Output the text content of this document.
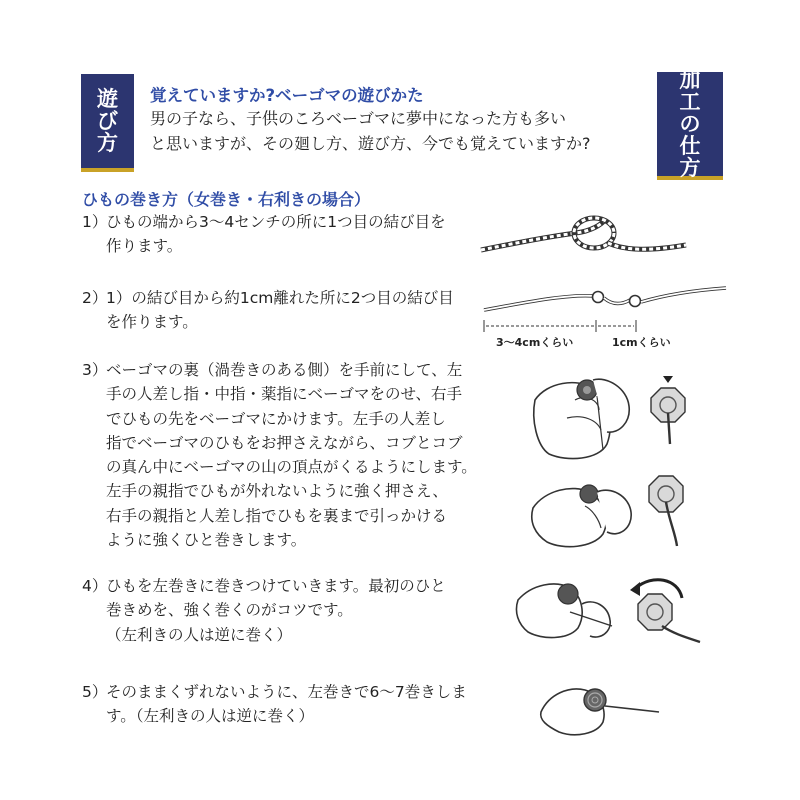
遊
び
方
加
工
の
仕
方
覚えていますか?ベーゴマの遊びかた
男の子なら、子供のころベーゴマに夢中になった方も多い
と思いますが、その廻し方、遊び方、今でも覚えていますか?
ひもの巻き方（女巻き・右利きの場合）
1）
ひもの端から3～4センチの所に1つ目の結び目を
作ります。
2）
1）の結び目から約1cm離れた所に2つ目の結び目
を作ります。
3）
ベーゴマの裏（渦巻きのある側）を手前にして、左
手の人差し指・中指・薬指にベーゴマをのせ、右手
でひもの先をベーゴマにかけます。左手の人差し
指でベーゴマのひもをお押さえながら、コブとコブ
の真ん中にベーゴマの山の頂点がくるようにします。
左手の親指でひもが外れないように強く押さえ、
右手の親指と人差し指でひもを裏まで引っかける
ように強くひと巻きします。
4）
ひもを左巻きに巻きつけていきます。最初のひと
巻きめを、強く巻くのがコツです。
（左利きの人は逆に巻く）
5）
そのままくずれないように、左巻きで6～7巻きしま
す。（左利きの人は逆に巻く）
3～4cmくらい	1cmくらい
